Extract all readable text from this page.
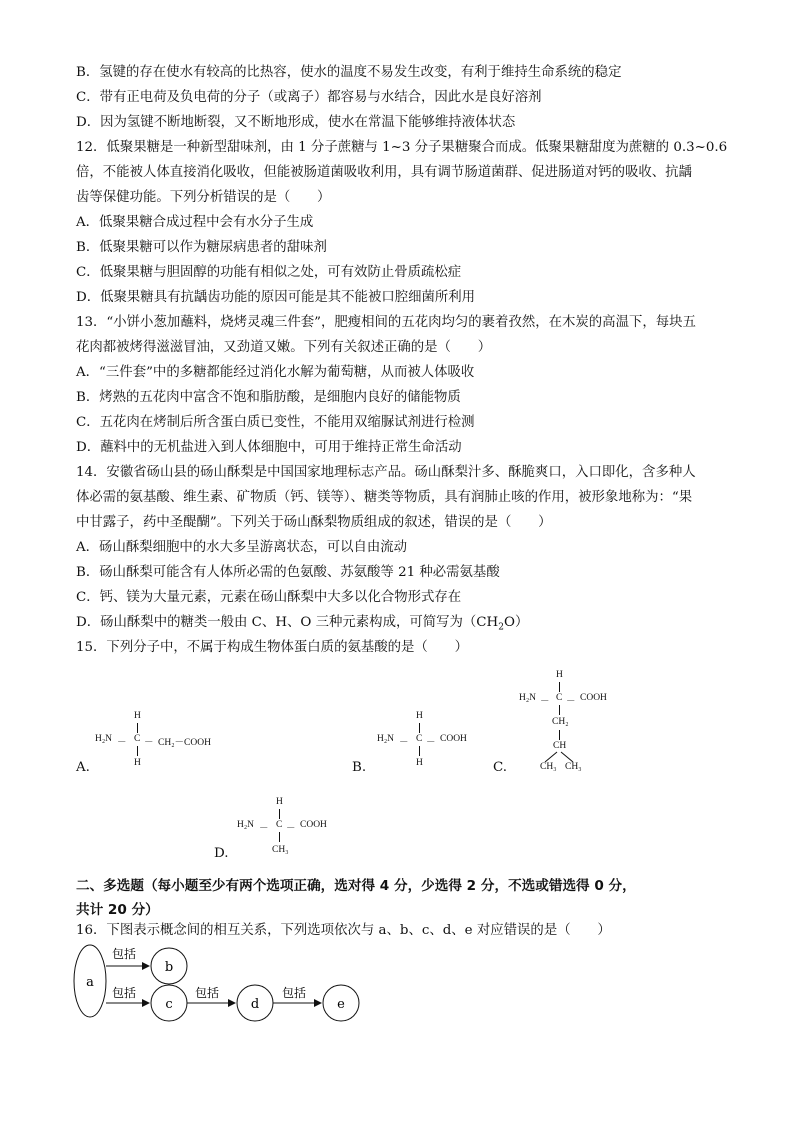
B．氢键的存在使水有较高的比热容，使水的温度不易发生改变，有利于维持生命系统的稳定
C．带有正电荷及负电荷的分子（或离子）都容易与水结合，因此水是良好溶剂
D．因为氢键不断地断裂，又不断地形成，使水在常温下能够维持液体状态
12．低聚果糖是一种新型甜味剂，由 1 分子蔗糖与 1~3 分子果糖聚合而成。低聚果糖甜度为蔗糖的 0.3~0.6
倍，不能被人体直接消化吸收，但能被肠道菌吸收利用，具有调节肠道菌群、促进肠道对钙的吸收、抗龋
齿等保健功能。下列分析错误的是（　　）
A．低聚果糖合成过程中会有水分子生成
B．低聚果糖可以作为糖尿病患者的甜味剂
C．低聚果糖与胆固醇的功能有相似之处，可有效防止骨质疏松症
D．低聚果糖具有抗龋齿功能的原因可能是其不能被口腔细菌所利用
13．“小饼小葱加蘸料，烧烤灵魂三件套”，肥瘦相间的五花肉均匀的裹着孜然，在木炭的高温下，每块五
花肉都被烤得滋滋冒油，又劲道又嫩。下列有关叙述正确的是（　　）
A．“三件套”中的多糖都能经过消化水解为葡萄糖，从而被人体吸收
B．烤熟的五花肉中富含不饱和脂肪酸，是细胞内良好的储能物质
C．五花肉在烤制后所含蛋白质已变性，不能用双缩脲试剂进行检测
D．蘸料中的无机盐进入到人体细胞中，可用于维持正常生命活动
14．安徽省砀山县的砀山酥梨是中国国家地理标志产品。砀山酥梨汁多、酥脆爽口，入口即化，含多种人
体必需的氨基酸、维生素、矿物质（钙、镁等）、糖类等物质，具有润肺止咳的作用，被形象地称为：“果
中甘露子，药中圣醍醐”。下列关于砀山酥梨物质组成的叙述，错误的是（　　）
A．砀山酥梨细胞中的水大多呈游离状态，可以自由流动
B．砀山酥梨可能含有人体所必需的色氨酸、苏氨酸等 21 种必需氨基酸
C．钙、镁为大量元素，元素在砀山酥梨中大多以化合物形式存在
D．砀山酥梨中的糖类一般由 C、H、O 三种元素构成，可简写为$(CH_2O)$
15．下列分子中，不属于构成生物体蛋白质的氨基酸的是（　　）
H
H₂N － C － CH₂－COOH
H
A.
H
H₂N － C － COOH
H
B.
H
H₂N － C － COOH
CH₂
CH
CH₃ CH₃
C.
H
H₂N － C － COOH
CH₃
D.
二、多选题（每小题至少有两个选项正确，选对得 4 分，少选得 2 分，不选或错选得 0 分，
共计 20 分）
16．下图表示概念间的相互关系，下列选项依次与 a、b、c、d、e 对应错误的是（　　）
a
包括
b
包括
c
包括
d
包括
e
